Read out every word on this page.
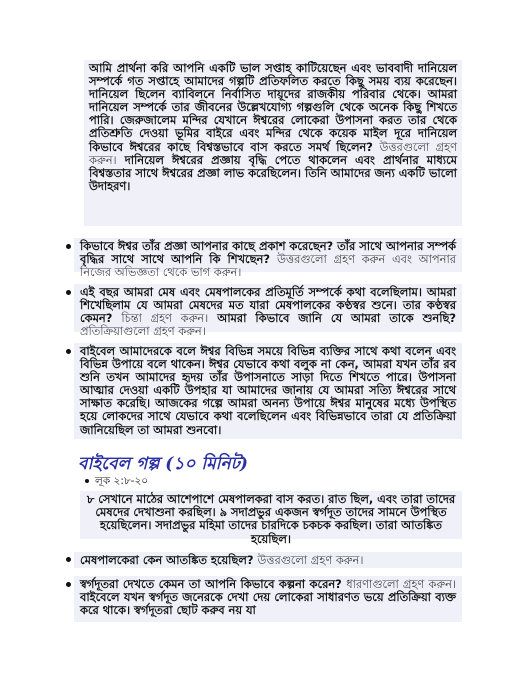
আমি প্রার্থনা করি আপনি একটি ভাল সপ্তাহ কাটিয়েছেন এবং ভাববাদী দানিয়েল সম্পর্কে গত সপ্তাহে আমাদের গল্পটি প্রতিফলিত করতে কিছু সময় ব্যয় করেছেন। দানিয়েল ছিলেন ব্যাবিলনে নির্বাসিত দায়ূদের রাজকীয় পরিবার থেকে। আমরা দানিয়েল সম্পর্কে তার জীবনের উল্লেখযোগ্য গল্পগুলি থেকে অনেক কিছু শিখতে পারি। জেরুজালেম মন্দির যেখানে ঈশ্বরের লোকেরা উপাসনা করত তার থেকে প্রতিশ্রুতি দেওয়া ভূমির বাইরে এবং মন্দির থেকে কয়েক মাইল দূরে দানিয়েল কিভাবে ঈশ্বরের কাছে বিশ্বস্তভাবে বাস করতে সমর্থ ছিলেন? উত্তরগুলো গ্রহণ করুন। দানিয়েল ঈশ্বরের প্রজ্ঞায় বৃদ্ধি পেতে থাকলেন এবং প্রার্থনার মাধ্যমে বিশ্বস্ততার সাথে ঈশ্বরের প্রজ্ঞা লাভ করেছিলেন। তিনি আমাদের জন্য একটি ভালো উদাহরণ।

কিভাবে ঈশ্বর তাঁর প্রজ্ঞা আপনার কাছে প্রকাশ করেছেন? তাঁর সাথে আপনার সম্পর্ক বৃদ্ধির সাথে সাথে আপনি কি শিখছেন? উত্তরগুলো গ্রহণ করুন এবং আপনার নিজের অভিজ্ঞতা থেকে ভাগ করুন।

এই বছর আমরা মেষ এবং মেষপালকের প্রতিমূর্তি সম্পর্কে কথা বলেছিলাম। আমরা শিখেছিলাম যে আমরা মেষদের মত যারা মেষপালকের কণ্ঠস্বর শুনে। তার কণ্ঠস্বর কেমন? চিন্তা গ্রহণ করুন। আমরা কিভাবে জানি যে আমরা তাকে শুনছি? প্রতিক্রিয়াগুলো গ্রহণ করুন।

বাইবেল আমাদেরকে বলে ঈশ্বর বিভিন্ন সময়ে বিভিন্ন ব্যক্তির সাথে কথা বলেন এবং বিভিন্ন উপায়ে বলে থাকেন। ঈশ্বর যেভাবে কথা বলুক না কেন, আমরা যখন তাঁর রব শুনি তখন আমাদের হৃদয় তাঁর উপাসনাতে সাড়া দিতে শিখতে পারে। উপাসনা আত্মার দেওয়া একটি উপহার যা আমাদের জানায় যে আমরা সত্যি ঈশ্বরের সাথে সাক্ষাত করেছি। আজকের গল্পে আমরা অনন্য উপায়ে ঈশ্বর মানুষের মধ্যে উপস্থিত হয়ে লোকদের সাথে যেভাবে কথা বলেছিলেন এবং বিভিন্নভাবে তারা যে প্রতিক্রিয়া জানিয়েছিল তা আমরা শুনবো।

বাইবেল গল্প (১০ মিনিট)
লূক ২:৮-২০

৮ সেখানে মাঠের আশেপাশে মেষপালকরা বাস করত। রাত ছিল, এবং তারা তাদের মেষদের দেখাশুনা করছিল। ৯ সদাপ্রভুর একজন স্বর্গদূত তাদের সামনে উপস্থিত হয়েছিলেন। সদাপ্রভুর মহিমা তাদের চারদিকে চকচক করছিল। তারা আতঙ্কিত হয়েছিল।

মেষপালকেরা কেন আতঙ্কিত হয়েছিল? উত্তরগুলো গ্রহণ করুন।

স্বর্গদূতরা দেখতে কেমন তা আপনি কিভাবে কল্পনা করেন? ধারণাগুলো গ্রহণ করুন। বাইবেলে যখন স্বর্গদূত জনেরকে দেখা দেয় লোকেরা সাধারণত ভয়ে প্রতিক্রিয়া ব্যক্ত করে থাকে। স্বর্গদূতরা ছোট করুব নয় যা
